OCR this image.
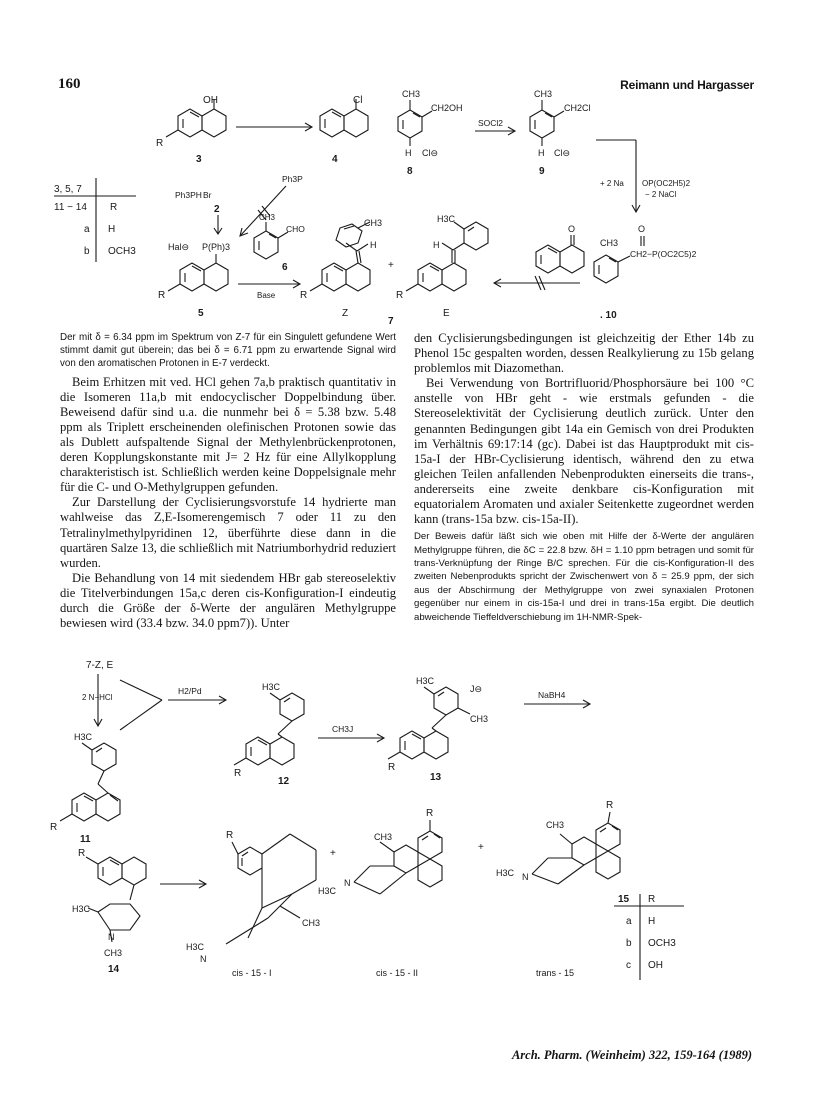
160	Reimann und Hargasser
OH
R
3
Cl
4
CH3
CH2OH
H Cl⊖
8
SOCl2
CH3
CH2Cl
H Cl⊖
9
+ 2 Na OP(OC2H5)2
− 2 NaCl
3, 5, 7
11 − 14 R
a H
b OCH3
Ph3PH Br
2
Ph3P
Hal⊖ P(Ph)3
R
5
CH3
CHO
6
Base
CH3
H
R
Z
7
+
H3C
H
R
E
O
CH3
O
CH2−P(OC2C5)2
. 10

Der mit δ = 6.34 ppm im Spektrum von Z-7 für ein Singulett gefundene Wert stimmt damit gut überein; das bei δ = 6.71 ppm zu erwartende Signal wird von den aromatischen Protonen in E-7 verdeckt.

Beim Erhitzen mit ved. HCl gehen 7a,b praktisch quantitativ in die Isomeren 11a,b mit endocyclischer Doppelbindung über. Beweisend dafür sind u.a. die nunmehr bei δ = 5.38 bzw. 5.48 ppm als Triplett erscheinenden olefinischen Protonen sowie das als Dublett aufspaltende Signal der Methylenbrückenprotonen, deren Kopplungskonstante mit J= 2 Hz für eine Allylkopplung charakteristisch ist. Schließlich werden keine Doppelsignale mehr für die C- und O-Methylgruppen gefunden.

Zur Darstellung der Cyclisierungsvorstufe 14 hydrierte man wahlweise das Z,E-Isomerengemisch 7 oder 11 zu den Tetralinylmethylpyridinen 12, überführte diese dann in die quartären Salze 13, die schließlich mit Natriumborhydrid reduziert wurden.

Die Behandlung von 14 mit siedendem HBr gab stereoselektiv die Titelverbindungen 15a,c deren cis-Konfiguration-I eindeutig durch die Größe der δ-Werte der angulären Methylgruppe bewiesen wird (33.4 bzw. 34.0 ppm7)). Unter

den Cyclisierungsbedingungen ist gleichzeitig der Ether 14b zu Phenol 15c gespalten worden, dessen Realkylierung zu 15b gelang problemlos mit Diazomethan.

Bei Verwendung von Bortrifluorid/Phosphorsäure bei 100 °C anstelle von HBr geht - wie erstmals gefunden - die Stereoselektivität der Cyclisierung deutlich zurück. Unter den genannten Bedingungen gibt 14a ein Gemisch von drei Produkten im Verhältnis 69:17:14 (gc). Dabei ist das Hauptprodukt mit cis-15a-I der HBr-Cyclisierung identisch, während den zu etwa gleichen Teilen anfallenden Nebenprodukten einerseits die trans-, andererseits eine zweite denkbare cis-Konfiguration mit equatorialem Aromaten und axialer Seitenkette zugeordnet werden kann (trans-15a bzw. cis-15a-II).

Der Beweis dafür läßt sich wie oben mit Hilfe der δ-Werte der angulären Methylgruppe führen, die δC = 22.8 bzw. δH = 1.10 ppm betragen und somit für trans-Verknüpfung der Ringe B/C sprechen. Für die cis-Konfiguration-II des zweiten Nebenprodukts spricht der Zwischenwert von δ = 25.9 ppm, der sich aus der Abschirmung der Methylgruppe von zwei synaxialen Protonen gegenüber nur einem in cis-15a-I und drei in trans-15a ergibt. Die deutlich abweichende Tieffeldverschiebung im 1H-NMR-Spek-

7-Z, E
2 N−HCl
H2/Pd
CH3J
NaBH4
H3C
R
11
H3C
R
12
H3C
J⊖
CH3
R
13
R
H3C
N
CH3
14
R
H3C
N
CH3
cis - 15 - I
+
R
CH3
H3C
N
cis - 15 - II
+
R
CH3
H3C N
trans - 15
15 R
a H
b OCH3
c OH
Arch. Pharm. (Weinheim) 322, 159-164 (1989)
